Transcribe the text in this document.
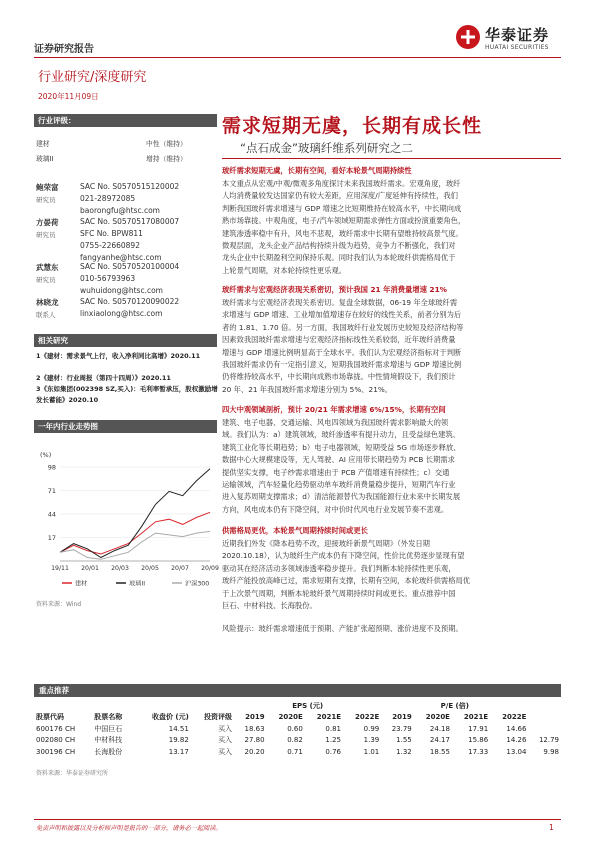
证券研究报告
华泰证券
HUATAI SECURITIES
行业研究/深度研究
2020年11月09日
行业评级：
建材	中性（维持）
玻璃II	增持（维持）
鲍荣富
研究员
SAC No. S0570515120002
021-28972085
baorongfu@htsc.com
方晏荷
研究员
SAC No. S0570517080007
SFC No. BPW811
0755-22660892
fangyanhe@htsc.com
武慧东
研究员
SAC No. S0570520100004
010-56793963
wuhuidong@htsc.com
林晓龙
联系人
SAC No. S0570120090022
linxiaolong@htsc.com
相关研究
1《建材：需求景气上行，收入净利同比高增》2020.11
2《建材：行业周报（第四十四周）》2020.11
3《东如集团(002398 SZ,买入)：毛利率暂承压，股权激励增发长蓄能》2020.10
一年内行业走势图
(%)
17
44
71
98
19/11 20/01 20/03 20/05 20/07 20/09
建材	玻璃II	沪深300
资料来源：Wind
需求短期无虞，长期有成长性
“点石成金”玻璃纤维系列研究之二
玻纤需求短期无虞，长期有空间，看好本轮景气周期持续性
本文重点从宏观/中观/微观多角度探讨未来我国玻纤需求。宏观角度，玻纤
人均消费量较发达国家仍有较大差距，应用深度/广度延伸有持续性，我们
判断我国玻纤需求增速与 GDP 增速之比短期维持在较高水平，中长期向成
熟市场靠拢。中观角度，电子/汽车领域短期需求弹性方面或扮演重要角色，
建筑渗透率稳中有升，风电不悲观，玻纤需求中长期有望维持较高景气度。
微观层面，龙头企业产品结构持续升级为趋势，竞争力不断强化，我们对
龙头企业中长期盈利空间保持乐观。同时我们认为本轮玻纤供需格局优于
上轮景气周期，对本轮持续性更乐观。
玻纤需求与宏观经济表现关系密切，预计我国 21 年消费量增速 21%
玻纤需求与宏观经济表现关系密切。复盘全球数据，06-19 年全球玻纤需
求增速与 GDP 增速、工业增加值增速存在较好的线性关系，前者分别为后
者的 1.81、1.70 倍。另一方面，我国玻纤行业发展历史较短及经济结构等
因素致我国玻纤需求增速与宏观经济指标线性关系较弱，近年玻纤消费量
增速与 GDP 增速比例明显高于全球水平。我们认为宏观经济指标对于判断
我国玻纤需求仍有一定指引意义，短期我国玻纤需求增速与 GDP 增速比例
仍将维持较高水平，中长期向成熟市场靠拢。中性情境假设下，我们预计
20 年、21 年我国玻纤需求增速分别为 5%、21%。
四大中观领域剖析，预计 20/21 年需求增速 6%/15%，长期有空间
建筑、电子电器、交通运输、风电四领域为我国玻纤需求影响最大的领
域。我们认为：a）建筑领域，玻纤渗透率有提升动力，且受益绿色建筑、
建筑工业化等长期趋势；b）电子电器领域，短期受益 5G 市场逐步释放、
数据中心大规模建设等，无人驾驶、AI 应用带长期趋势为 PCB 长期需求
提供坚实支撑，电子纱需求增速由于 PCB 产值增速有持续性；c）交通
运输领域，汽车轻量化趋势驱动单车玻纤消费量稳步提升，短期汽车行业
进入复苏周期支撑需求；d）清洁能源替代为我国能源行业未来中长期发展
方向，风电成本仍有下降空间，对中价时代风电行业发展节奏不悲观。
供需格局更优，本轮景气周期持续时间或更长
近期我们外发《降本趋势不改，迎接玻纤新景气周期》（外发日期
2020.10.18），认为玻纤生产成本仍有下降空间，性价比优势逐步显现有望
驱动其在经济活动多领域渗透率稳步提升。我们判断本轮持续性更乐观，
玻纤产能投放高峰已过，需求短期有支撑，长期有空间，本轮玻纤供需格局优
于上次景气周期，判断本轮玻纤景气周期持续时间或更长。重点推荐中国
巨石、中材科技、长海股份。
风险提示：玻纤需求增速低于预期、产能扩张超预期、涨价进度不及预期。
重点推荐
				EPS (元)				P/E (倍)				
股票代码	股票名称	收盘价 (元)	投资评级	2019	2020E	2021E	2022E	2019	2020E	2021E	2022E	
600176 CH	中国巨石	14.51	买入	18.63	0.60	0.81	0.99	23.79	24.18	17.91	14.66	
002080 CH	中材科技	19.82	买入	27.80	0.82	1.25	1.39	1.55	24.17	15.86	14.26	12.79
300196 CH	长海股份	13.17	买入	20.20	0.71	0.76	1.01	1.32	18.55	17.33	13.04	9.98
资料来源：华泰证券研究所
免责声明和披露以及分析师声明是报告的一部分，请务必一起阅读。	1
